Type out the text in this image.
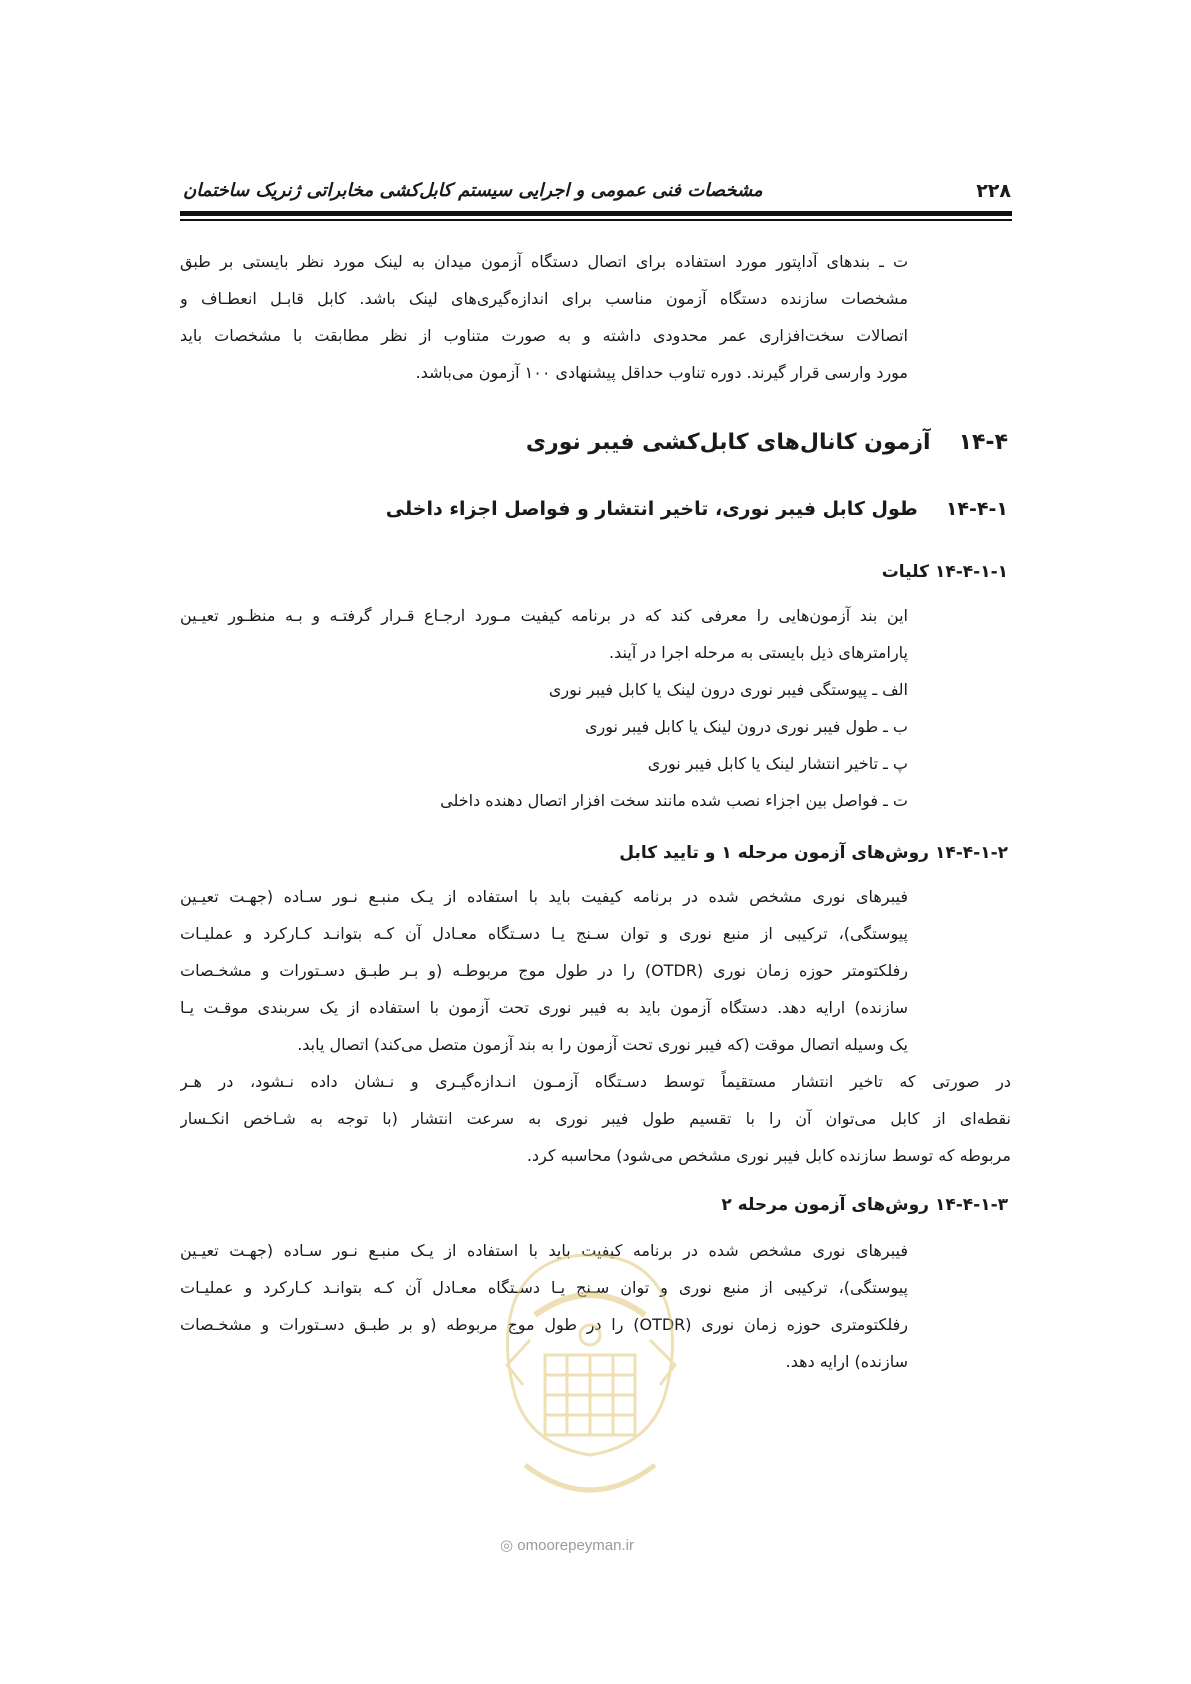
۲۲۸
مشخصات فنی عمومی و اجرایی سیستم کابل‌کشی مخابراتی ژنریک ساختمان
ت ـ بندهای آداپتور مورد استفاده برای اتصال دستگاه آزمون میدان به لینک مورد نظر بایستی بر طبق
مشخصات سازنده دستگاه آزمون مناسب برای اندازه‌گیری‌های لینک باشد. کابل قابـل انعطـاف و
اتصالات سخت‌افزاری عمر محدودی داشته و به صورت متناوب از نظر مطابقت با مشخصات باید
مورد وارسی قرار گیرند. دوره تناوب حداقل پیشنهادی ۱۰۰ آزمون می‌باشد.
۱۴-۴آزمون کانال‌های کابل‌کشی فیبر نوری
۱۴-۴-۱طول کابل فیبر نوری، تاخیر انتشار و فواصل اجزاء داخلی
۱۴-۴-۱-۱کلیات
این بند آزمون‌هایی را معرفی کند که در برنامه کیفیت مـورد ارجـاع قـرار گرفتـه و بـه منظـور تعیـین
پارامترهای ذیل بایستی به مرحله اجرا در آیند.
الف ـ پیوستگی فیبر نوری درون لینک یا کابل فیبر نوری
ب ـ طول فیبر نوری درون لینک یا کابل فیبر نوری
پ ـ تاخیر انتشار لینک یا کابل فیبر نوری
ت ـ فواصل بین اجزاء نصب شده مانند سخت افزار اتصال دهنده داخلی
۱۴-۴-۱-۲روش‌های آزمون مرحله ۱ و تایید کابل
فیبرهای نوری مشخص شده در برنامه کیفیت باید با استفاده از یـک منبـع نـور سـاده (جهـت تعیـین
پیوستگی)، ترکیبی از منبع نوری و توان سـنج یـا دسـتگاه معـادل آن کـه بتوانـد کـارکرد و عملیـات
رفلکتومتر حوزه زمان نوری (OTDR) را در طول موج مربوطـه (و بـر طبـق دسـتورات و مشخـصات
سازنده) ارایه دهد. دستگاه آزمون باید به فیبر نوری تحت آزمون با استفاده از یک سربندی موقـت یـا
یک وسیله اتصال موقت (که فیبر نوری تحت آزمون را به بند آزمون متصل می‌کند) اتصال یابد.
در صورتی که تاخیر انتشار مستقیماً توسط دسـتگاه آزمـون انـدازه‌گیـری و نـشان داده نـشود، در هـر
نقطه‌ای از کابل می‌توان آن را با تقسیم طول فیبر نوری به سرعت انتشار (با توجه به شـاخص انکـسار
مربوطه که توسط سازنده کابل فیبر نوری مشخص می‌شود) محاسبه کرد.
۱۴-۴-۱-۳روش‌های آزمون مرحله ۲
فیبرهای نوری مشخص شده در برنامه کیفیت باید با استفاده از یـک منبـع نـور سـاده (جهـت تعیـین
پیوستگی)، ترکیبی از منبع نوری و توان سـنج یـا دسـتگاه معـادل آن کـه بتوانـد کـارکرد و عملیـات
رفلکتومتری حوزه زمان نوری (OTDR) را در طول موج مربوطه (و بر طبـق دسـتورات و مشخـصات
سازنده) ارایه دهد.
◎ omoorepeyman.ir
